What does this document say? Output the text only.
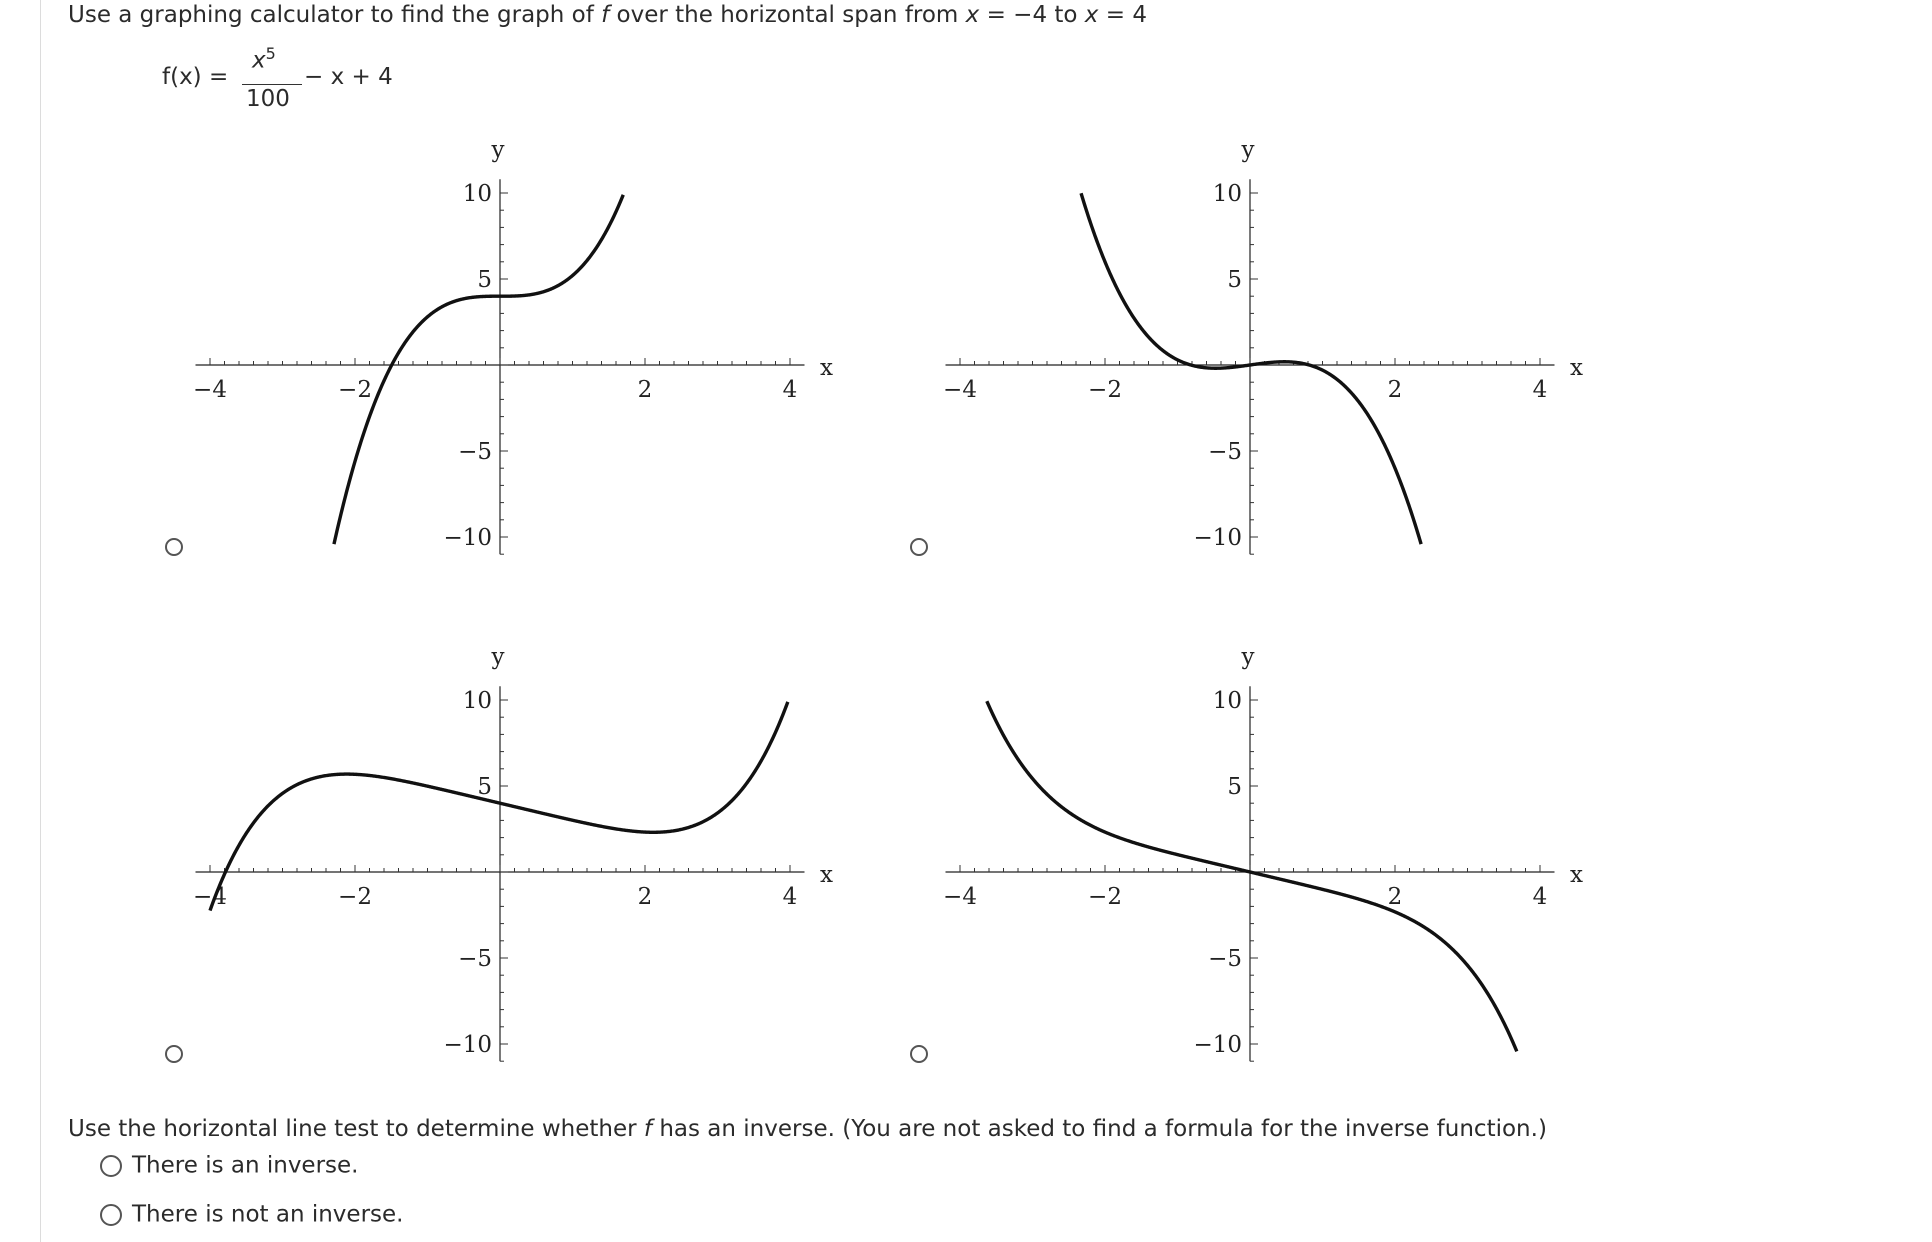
Use a graphing calculator to find the graph of f over the horizontal span from x = −4 to x = 4
f(x) =
$x^5$
100
− x + 4
−4	−2	2	4
10
5
−5
−10
x
y
−4	−2	2	4
10
5
−5
−10
x
y
−4	−2	2	4
10
5
−5
−10
x
y
−4	−2	2	4
10
5
−5
−10
x
y
Use the horizontal line test to determine whether f has an inverse. (You are not asked to find a formula for the inverse function.)
There is an inverse.
There is not an inverse.
